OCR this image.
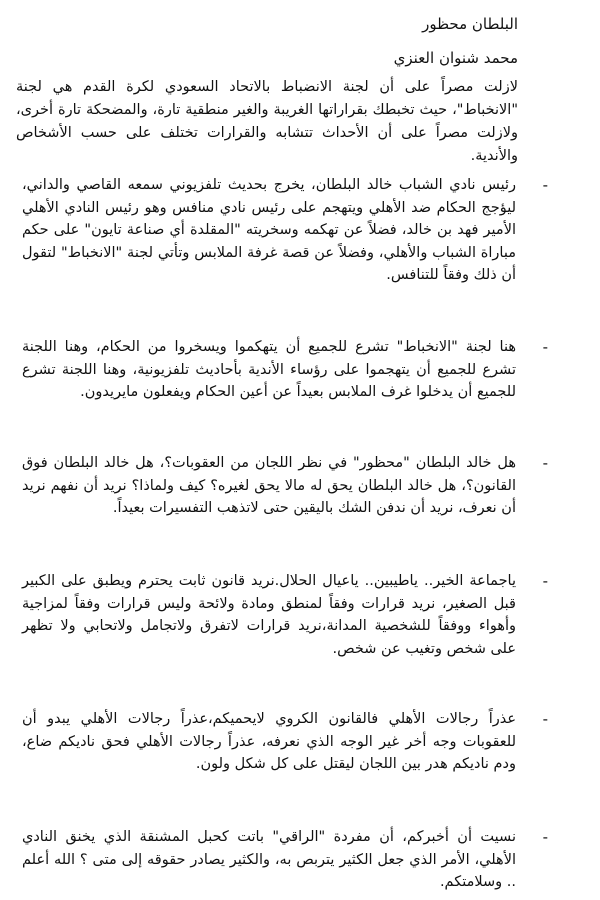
البلطان محظور
محمد شنوان العنزي

لازلت مصراً على أن لجنة الانضباط بالاتحاد السعودي لكرة القدم هي لجنة "الانخباط"، حيث تخبطك بقراراتها الغريبة والغير منطقية تارة، والمضحكة تارة أخرى، ولازلت مصراً على أن الأحداث تتشابه والقرارات تختلف على حسب الأشخاص والأندية.

-
رئيس نادي الشباب خالد البلطان، يخرج بحديث تلفزيوني سمعه القاصي والداني، ليؤجج الحكام ضد الأهلي ويتهجم على رئيس نادي منافس وهو رئيس النادي الأهلي الأمير فهد بن خالد، فضلاً عن تهكمه وسخريته "المقلدة أي صناعة تايون" على حكم مباراة الشباب والأهلي، وفضلاً عن قصة غرفة الملابس وتأتي لجنة "الانخباط" لتقول أن ذلك وفقاً للتنافس.
-
هنا لجنة "الانخباط" تشرع للجميع أن يتهكموا ويسخروا من الحكام، وهنا اللجنة تشرع للجميع أن يتهجموا على رؤساء الأندية بأحاديث تلفزيونية، وهنا اللجنة تشرع للجميع أن يدخلوا غرف الملابس بعيداً عن أعين الحكام ويفعلون مايريدون.
-
هل خالد البلطان "محظور" في نظر اللجان من العقوبات؟، هل خالد البلطان فوق القانون؟، هل خالد البلطان يحق له مالا يحق لغيره؟ كيف ولماذا؟ نريد أن نفهم نريد أن نعرف، نريد أن ندفن الشك باليقين حتى لاتذهب التفسيرات بعيداً.
-
ياجماعة الخير.. ياطيبين.. ياعيال الحلال.نريد قانون ثابت يحترم ويطبق على الكبير قبل الصغير، نريد قرارات وفقاً لمنطق ومادة ولائحة وليس قرارات وفقاً لمزاجية وأهواء ووفقاً للشخصية المدانة،نريد قرارات لاتفرق ولاتجامل ولاتحابي ولا تظهر على شخص وتغيب عن شخص.
-
عذراً رجالات الأهلي فالقانون الكروي لايحميكم،عذراً رجالات الأهلي يبدو أن للعقوبات وجه أخر غير الوجه الذي نعرفه، عذراً رجالات الأهلي فحق ناديكم ضاع، ودم ناديكم هدر بين اللجان ليقتل على كل شكل ولون.
-
نسيت أن أخبركم، أن مفردة "الراقي" باتت كحبل المشنقة الذي يخنق النادي الأهلي، الأمر الذي جعل الكثير يتربص به، والكثير يصادر حقوقه إلى متى ؟ الله أعلم .. وسلامتكم.
